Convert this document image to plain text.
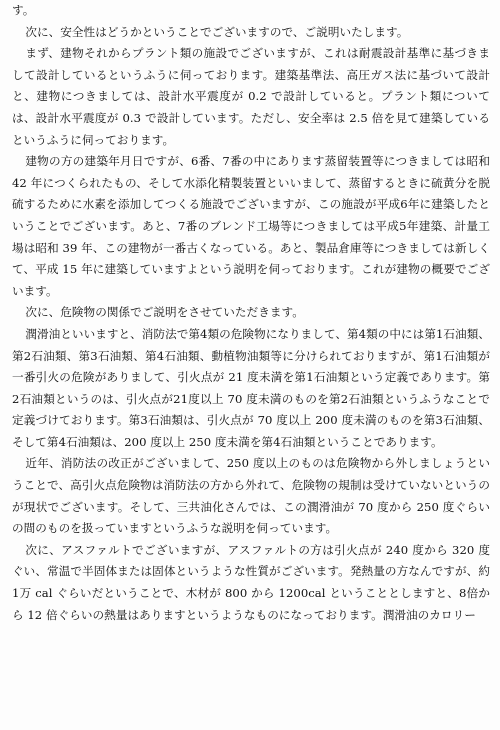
す。

次に、安全性はどうかということでございますので、ご説明いたします。

まず、建物それからプラント類の施設でございますが、これは耐震設計基準に基づきまして設計しているというふうに伺っております。建築基準法、高圧ガス法に基づいて設計と、建物につきましては、設計水平震度が 0.2 で設計していると。プラント類については、設計水平震度が 0.3 で設計しています。ただし、安全率は 2.5 倍を見て建築しているというふうに伺っております。

建物の方の建築年月日ですが、6番、7番の中にあります蒸留装置等につきましては昭和 42 年につくられたもの、そして水添化精製装置といいまして、蒸留するときに硫黄分を脱硫するために水素を添加してつくる施設でございますが、この施設が平成6年に建築したということでございます。あと、7番のブレンド工場等につきましては平成5年建築、計量工場は昭和 39 年、この建物が一番古くなっている。あと、製品倉庫等につきましては新しくて、平成 15 年に建築していますよという説明を伺っております。これが建物の概要でございます。

次に、危険物の関係でご説明をさせていただきます。

潤滑油といいますと、消防法で第4類の危険物になりまして、第4類の中には第1石油類、第2石油類、第3石油類、第4石油類、動植物油類等に分けられておりますが、第1石油類が一番引火の危険がありまして、引火点が 21 度未満を第1石油類という定義であります。第2石油類というのは、引火点が21度以上 70 度未満のものを第2石油類というふうなことで定義づけております。第3石油類は、引火点が 70 度以上 200 度未満のものを第3石油類、そして第4石油類は、200 度以上 250 度未満を第4石油類ということであります。

近年、消防法の改正がございまして、250 度以上のものは危険物から外しましょうということで、高引火点危険物は消防法の方から外れて、危険物の規制は受けていないというのが現状でございます。そして、三共油化さんでは、この潤滑油が 70 度から 250 度ぐらいの間のものを扱っていますというふうな説明を伺っています。

次に、アスファルトでございますが、アスファルトの方は引火点が 240 度から 320 度ぐい、常温で半固体または固体というような性質がございます。発熱量の方なんですが、約1万 cal ぐらいだということで、木材が 800 から 1200cal ということとしますと、8倍から 12 倍ぐらいの熱量はありますというようなものになっております。潤滑油のカロリー
